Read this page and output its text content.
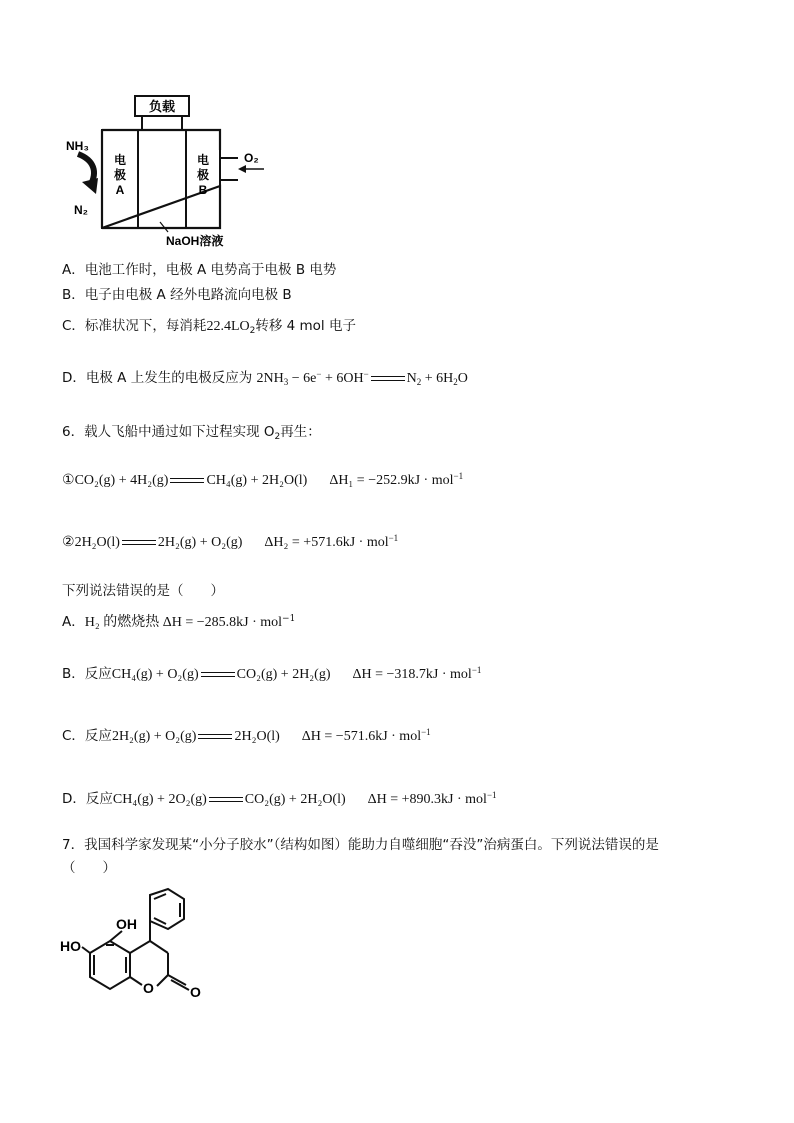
负载
电
极
A
电
极
B
O₂
NH₃
N₂
NaOH溶液
A．电池工作时，电极 A 电势高于电极 B 电势
B．电子由电极 A 经外电路流向电极 B
C．标准状况下，每消耗$22.4LO_2$转移 4 mol 电子
D．电极 A 上发生的电极反应为 $2NH_3 - 6e^- + 6OH^-$	$N_2 + 6H_2O$
6．载人飞船中通过如下过程实现 $O_2$再生：
①CO₂(g) + 4H₂(g)	CH₄(g) + 2H₂O(l) ΔH₁ = −252.9kJ · mol$^{-1}$
②2H₂O(l)	2H₂(g) + O₂(g) ΔH₂ = +571.6kJ · mol$^{-1}$
下列说法错误的是（　　）
A．H₂ 的燃烧热 ΔH = −285.8kJ · mol$^{-1}$
B．反应CH₄(g) + O₂(g)	CO₂(g) + 2H₂(g) ΔH = −318.7kJ · mol$^{-1}$
C．反应2H₂(g) + O₂(g)	2H₂O(l) ΔH = −571.6kJ · mol$^{-1}$
D．反应CH₄(g) + 2O₂(g)	CO₂(g) + 2H₂O(l) ΔH = +890.3kJ · mol$^{-1}$
7．我国科学家发现某“小分子胶水”（结构如图）能助力自噬细胞“吞没”治病蛋白。下列说法错误的是
（　　）
OH
HO
O	O
